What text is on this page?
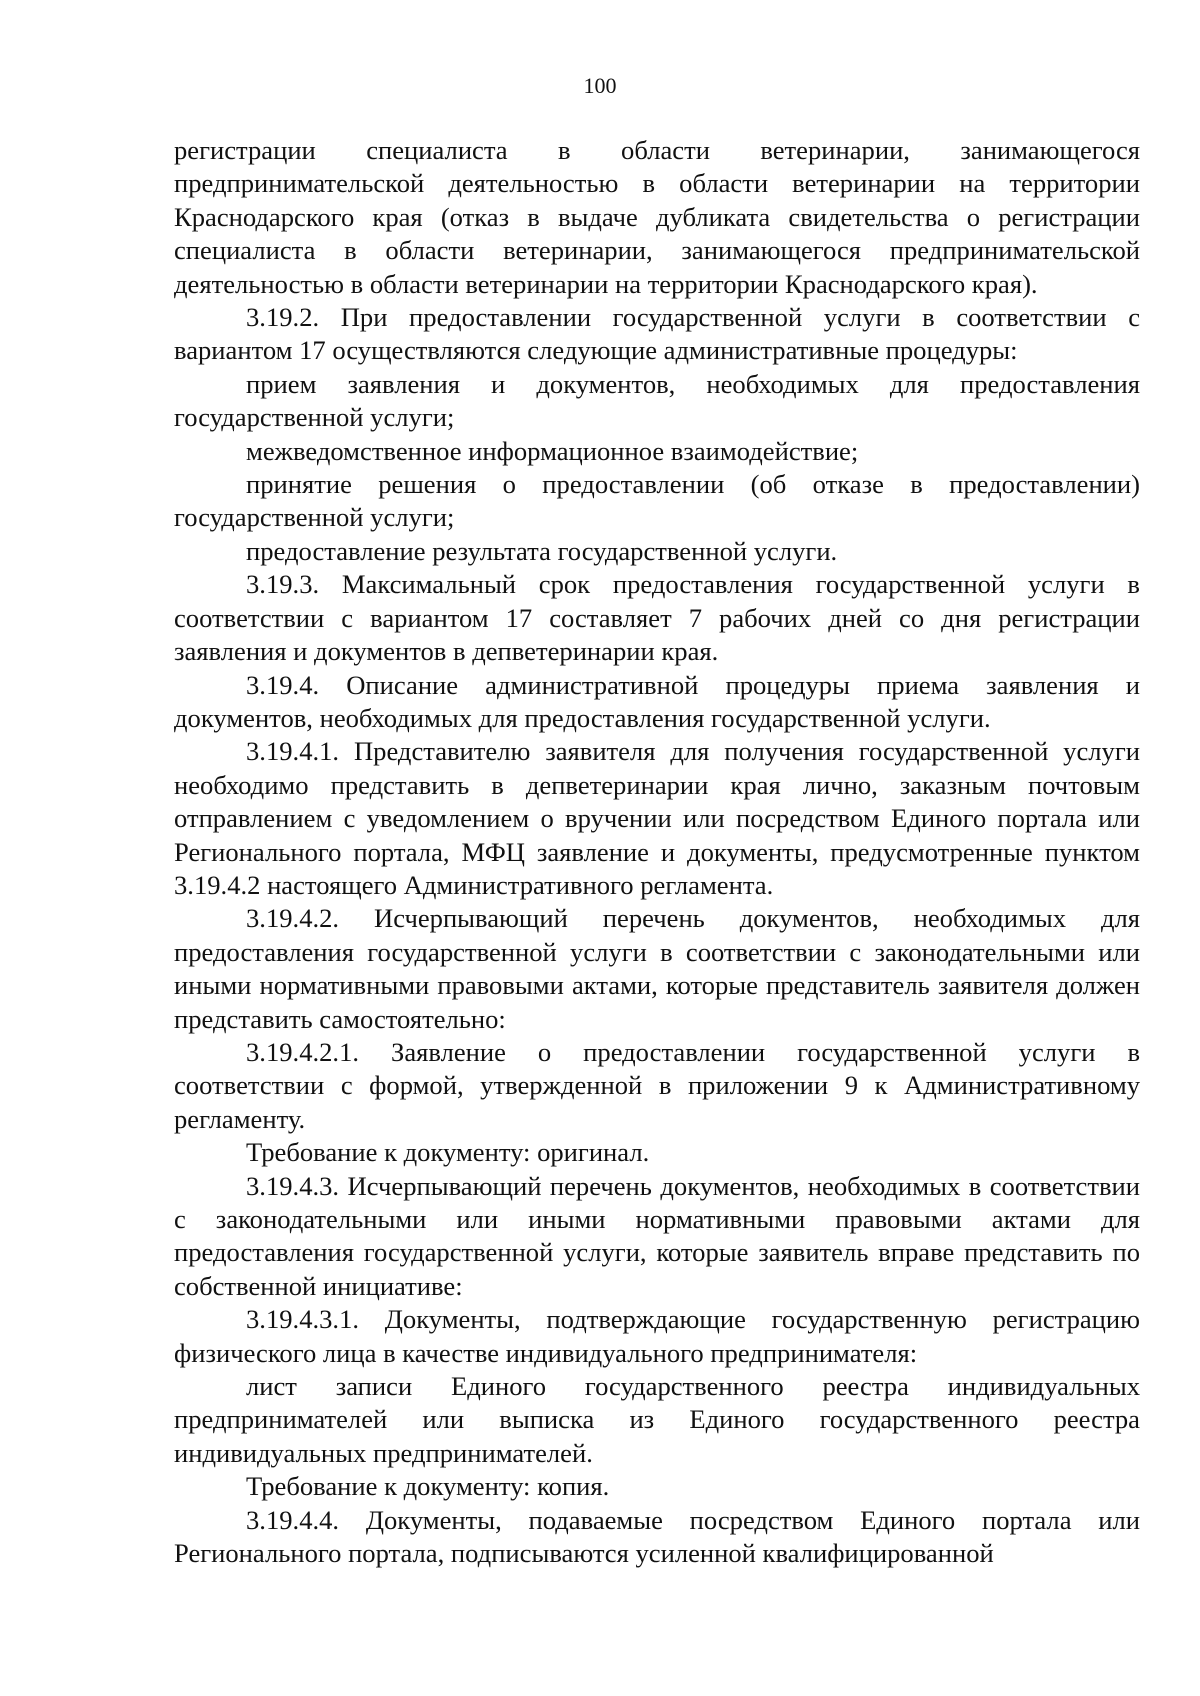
100

регистрации специалиста в области ветеринарии, занимающегося предпринимательской деятельностью в области ветеринарии на территории Краснодарского края (отказ в выдаче дубликата свидетельства о регистрации специалиста в области ветеринарии, занимающегося предпринимательской деятельностью в области ветеринарии на территории Краснодарского края).

3.19.2. При предоставлении государственной услуги в соответствии с вариантом 17 осуществляются следующие административные процедуры:

прием заявления и документов, необходимых для предоставления государственной услуги;

межведомственное информационное взаимодействие;

принятие решения о предоставлении (об отказе в предоставлении) государственной услуги;

предоставление результата государственной услуги.

3.19.3. Максимальный срок предоставления государственной услуги в соответствии с вариантом 17 составляет 7 рабочих дней со дня регистрации заявления и документов в депветеринарии края.

3.19.4. Описание административной процедуры приема заявления и документов, необходимых для предоставления государственной услуги.

3.19.4.1. Представителю заявителя для получения государственной услуги необходимо представить в депветеринарии края лично, заказным почтовым отправлением с уведомлением о вручении или посредством Единого портала или Регионального портала, МФЦ заявление и документы, предусмотренные пунктом 3.19.4.2 настоящего Административного регламента.

3.19.4.2. Исчерпывающий перечень документов, необходимых для предоставления государственной услуги в соответствии с законодательными или иными нормативными правовыми актами, которые представитель заявителя должен представить самостоятельно:

3.19.4.2.1. Заявление о предоставлении государственной услуги в соответствии с формой, утвержденной в приложении 9 к Административному регламенту.

Требование к документу: оригинал.

3.19.4.3. Исчерпывающий перечень документов, необходимых в соответствии с законодательными или иными нормативными правовыми актами для предоставления государственной услуги, которые заявитель вправе представить по собственной инициативе:

3.19.4.3.1. Документы, подтверждающие государственную регистрацию физического лица в качестве индивидуального предпринимателя:

лист записи Единого государственного реестра индивидуальных предпринимателей или выписка из Единого государственного реестра индивидуальных предпринимателей.

Требование к документу: копия.

3.19.4.4. Документы, подаваемые посредством Единого портала или Регионального портала, подписываются усиленной квалифицированной
